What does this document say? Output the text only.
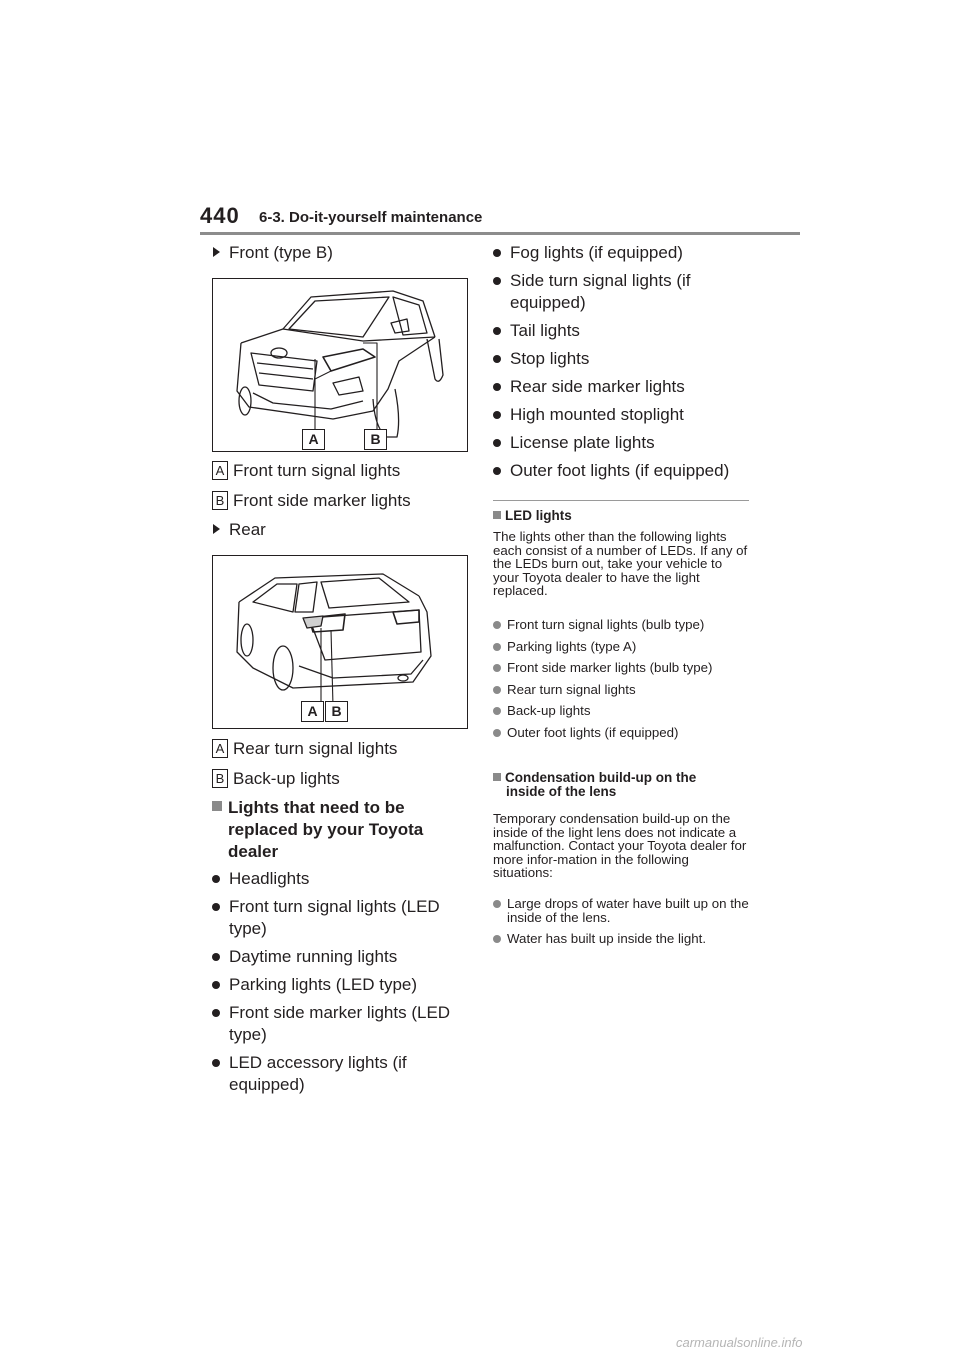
440 6-3. Do-it-yourself maintenance
Front (type B)
A	B
A Front turn signal lights
B Front side marker lights
Rear
A B
A Rear turn signal lights
B Back-up lights
Lights that need to be
replaced by your Toyota
dealer
Headlights
Front turn signal lights (LED type)
Daytime running lights
Parking lights (LED type)
Front side marker lights (LED type)
LED accessory lights (if equipped)
Fog lights (if equipped)
Side turn signal lights (if equipped)
Tail lights
Stop lights
Rear side marker lights
High mounted stoplight
License plate lights
Outer foot lights (if equipped)
LED lights
The lights other than the following lights each consist of a number of LEDs. If any of the LEDs burn out, take your vehicle to your Toyota dealer to have the light replaced.
Front turn signal lights (bulb type)
Parking lights (type A)
Front side marker lights (bulb type)
Rear turn signal lights
Back-up lights
Outer foot lights (if equipped)
Condensation build-up on the
inside of the lens
Temporary condensation build-up on the inside of the light lens does not indicate a malfunction. Contact your Toyota dealer for more infor-mation in the following situations:
Large drops of water have built up on the inside of the lens.
Water has built up inside the light.
carmanualsonline.info
